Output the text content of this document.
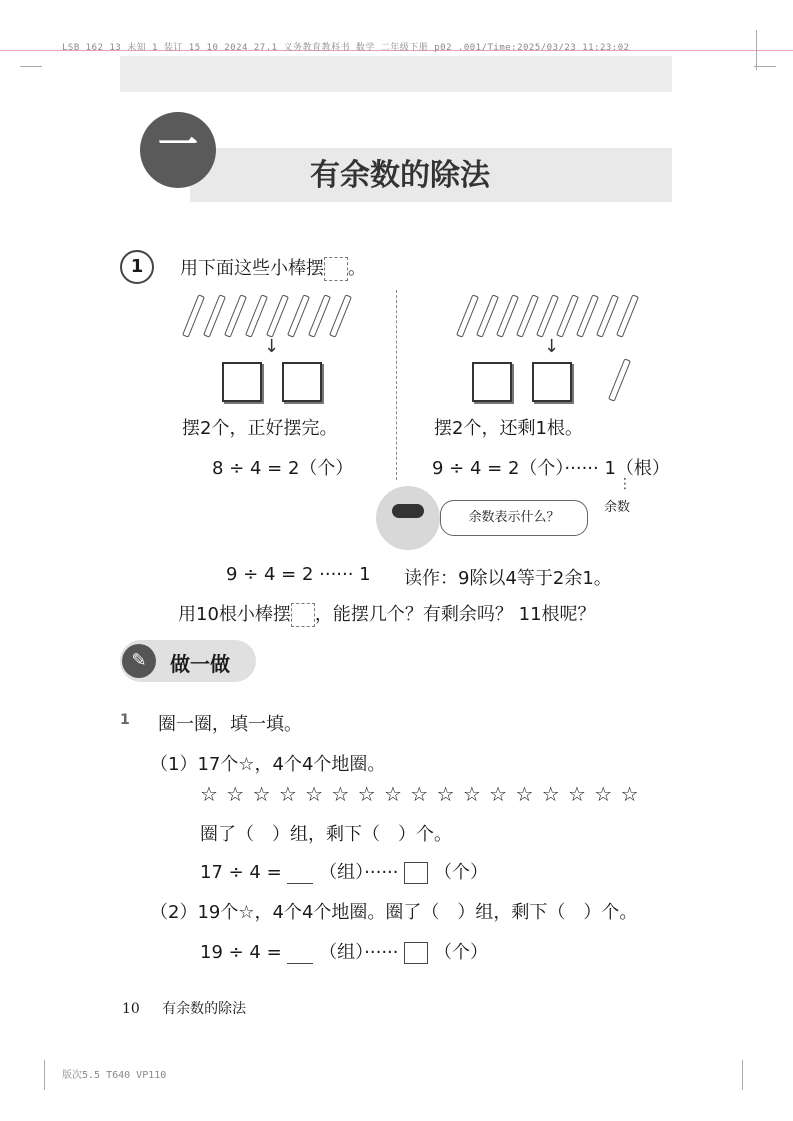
LSB 162 13 未知 1 装订 15 10 2024 27.1 义务教育教科书 数学 二年级下册 p02 .001/Time:2025/03/23 11:23:02
一
有余数的除法
1	用下面这些小棒摆 。
↓
摆2个，正好摆完。
8 ÷ 4 = 2（个）
↓
摆2个，还剩1根。
9 ÷ 4 = 2（个）······ 1（根）
⋮
余数
余数表示什么？
9 ÷ 4 = 2 ······ 1 读作：9除以4等于2余1。
用10根小棒摆 ，能摆几个？有剩余吗？ 11根呢？
✎	做一做
1 圈一圈，填一填。
（1）17个☆，4个4个地圈。
☆ ☆ ☆ ☆ ☆ ☆ ☆ ☆ ☆ ☆ ☆ ☆ ☆ ☆ ☆ ☆ ☆
圈了（　）组，剩下（　）个。
17 ÷ 4 = （组）······ （个）
（2）19个☆，4个4个地圈。圈了（　）组，剩下（　）个。
19 ÷ 4 = （组）······ （个）
10 有余数的除法
版次5.5 T640 VP110
